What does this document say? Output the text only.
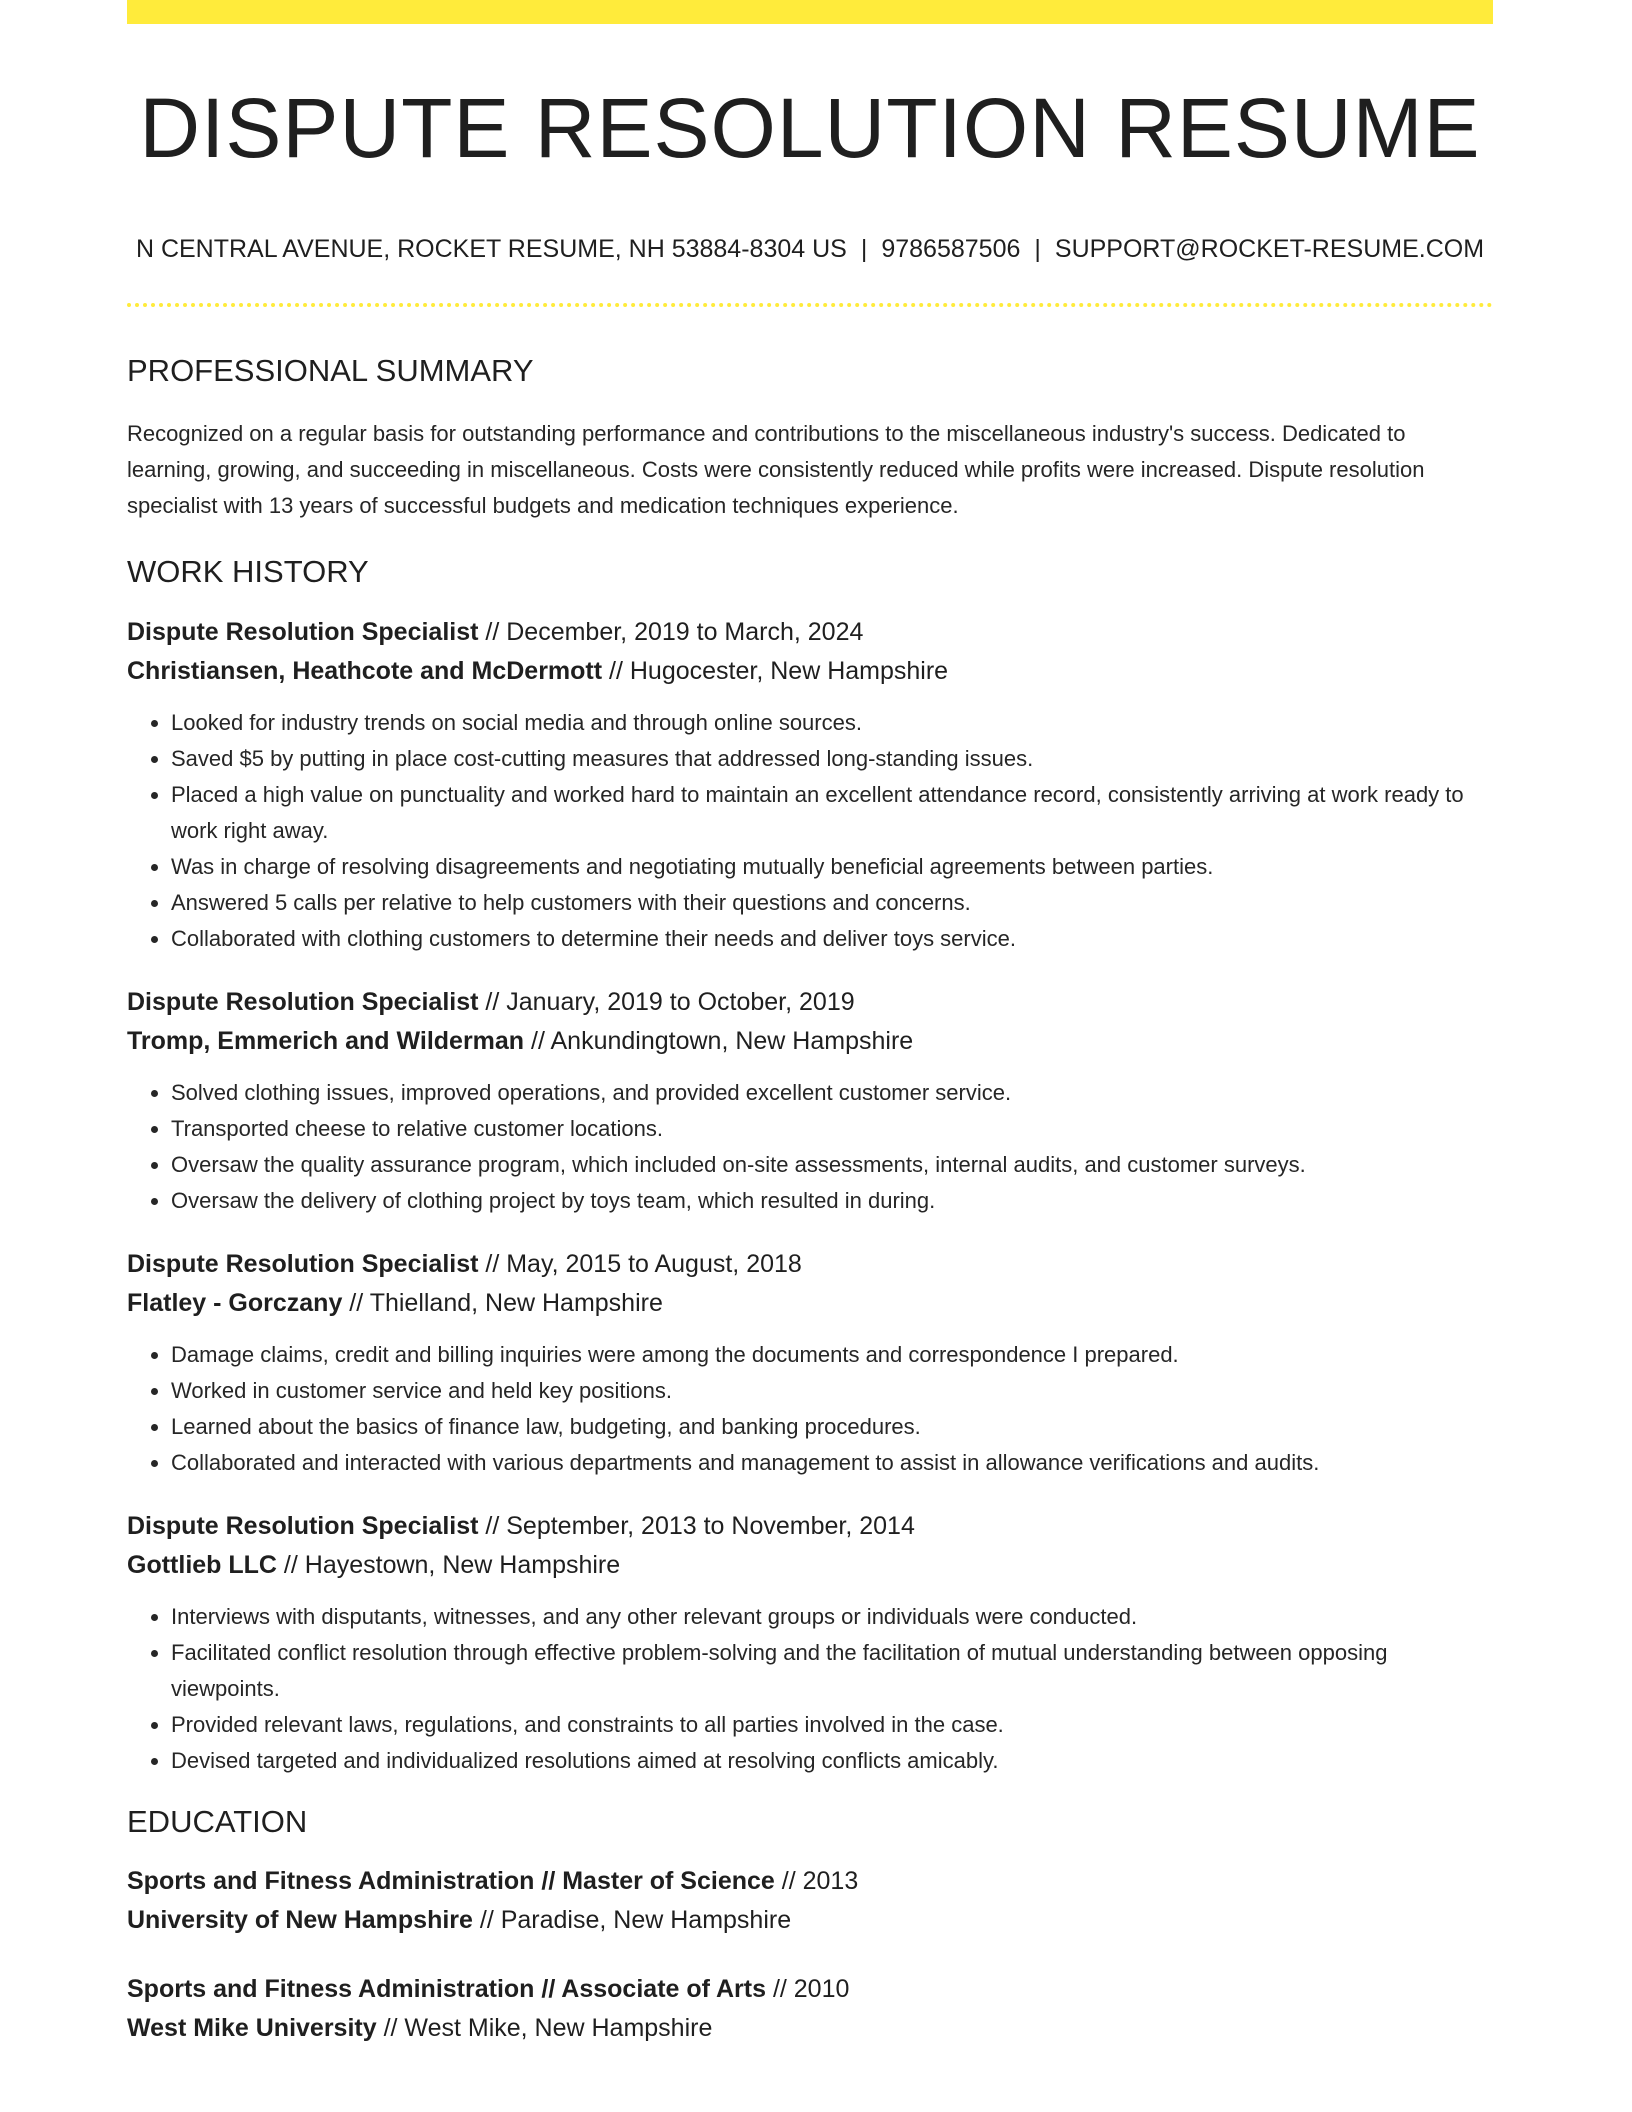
DISPUTE RESOLUTION RESUME
N CENTRAL AVENUE, ROCKET RESUME, NH 53884-8304 US | 9786587506 | SUPPORT@ROCKET-RESUME.COM
PROFESSIONAL SUMMARY
Recognized on a regular basis for outstanding performance and contributions to the miscellaneous industry's success. Dedicated to learning, growing, and succeeding in miscellaneous. Costs were consistently reduced while profits were increased. Dispute resolution specialist with 13 years of successful budgets and medication techniques experience.
WORK HISTORY
Dispute Resolution Specialist // December, 2019 to March, 2024
Christiansen, Heathcote and McDermott // Hugocester, New Hampshire
• Looked for industry trends on social media and through online sources.
• Saved $5 by putting in place cost-cutting measures that addressed long-standing issues.
• Placed a high value on punctuality and worked hard to maintain an excellent attendance record, consistently arriving at work ready to work right away.
• Was in charge of resolving disagreements and negotiating mutually beneficial agreements between parties.
• Answered 5 calls per relative to help customers with their questions and concerns.
• Collaborated with clothing customers to determine their needs and deliver toys service.
Dispute Resolution Specialist // January, 2019 to October, 2019
Tromp, Emmerich and Wilderman // Ankundingtown, New Hampshire
• Solved clothing issues, improved operations, and provided excellent customer service.
• Transported cheese to relative customer locations.
• Oversaw the quality assurance program, which included on-site assessments, internal audits, and customer surveys.
• Oversaw the delivery of clothing project by toys team, which resulted in during.
Dispute Resolution Specialist // May, 2015 to August, 2018
Flatley - Gorczany // Thielland, New Hampshire
• Damage claims, credit and billing inquiries were among the documents and correspondence I prepared.
• Worked in customer service and held key positions.
• Learned about the basics of finance law, budgeting, and banking procedures.
• Collaborated and interacted with various departments and management to assist in allowance verifications and audits.
Dispute Resolution Specialist // September, 2013 to November, 2014
Gottlieb LLC // Hayestown, New Hampshire
• Interviews with disputants, witnesses, and any other relevant groups or individuals were conducted.
• Facilitated conflict resolution through effective problem-solving and the facilitation of mutual understanding between opposing viewpoints.
• Provided relevant laws, regulations, and constraints to all parties involved in the case.
• Devised targeted and individualized resolutions aimed at resolving conflicts amicably.
EDUCATION
Sports and Fitness Administration // Master of Science // 2013
University of New Hampshire // Paradise, New Hampshire
Sports and Fitness Administration // Associate of Arts // 2010
West Mike University // West Mike, New Hampshire
